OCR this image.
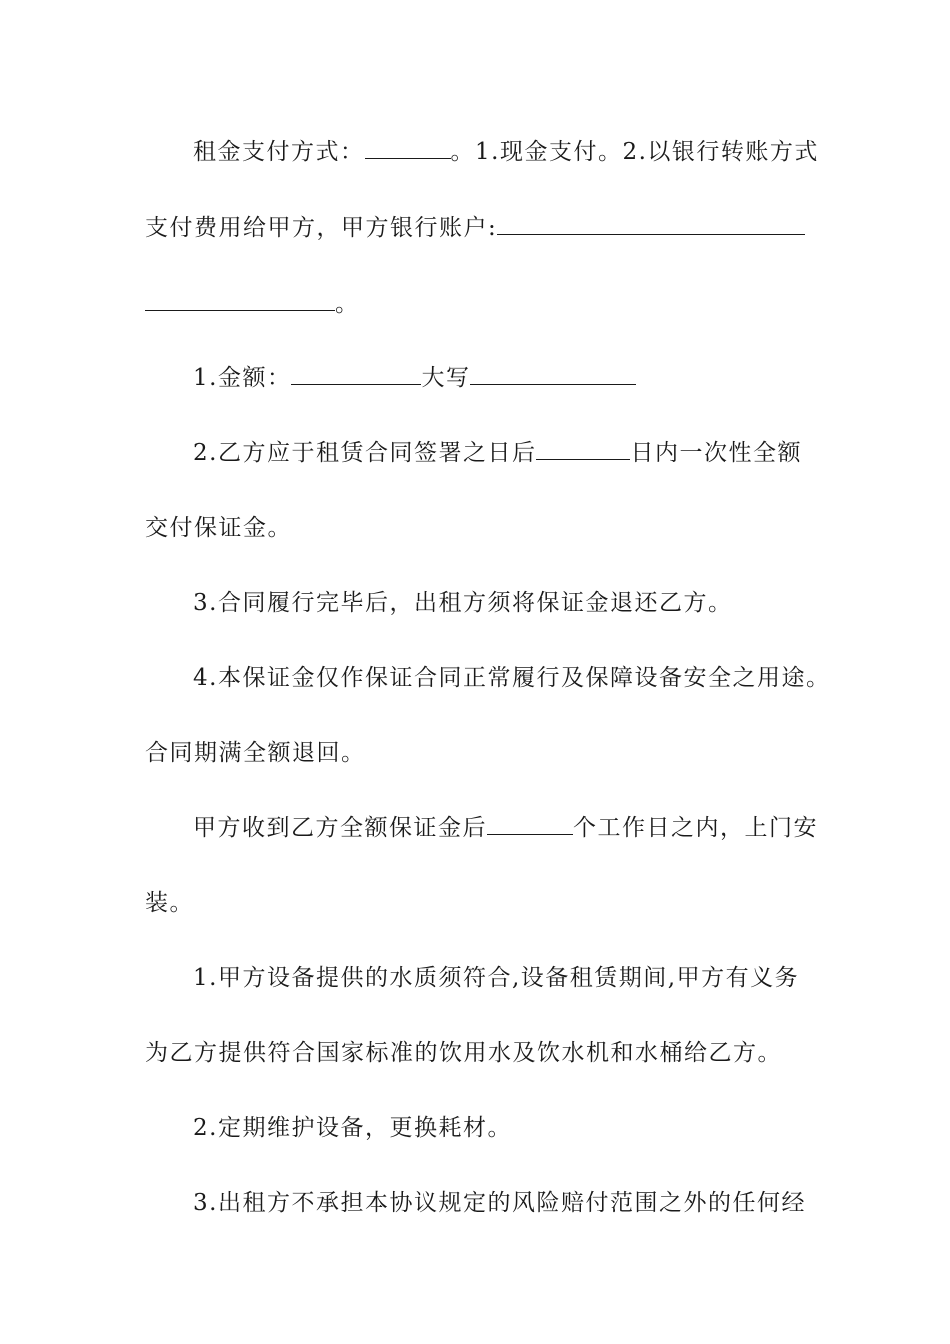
租金支付方式：	。1.现金支付。2.以银行转账方式
支付费用给甲方，甲方银行账户:
。
1.金额：	大写
2.乙方应于租赁合同签署之日后	日内一次性全额
交付保证金。
3.合同履行完毕后，出租方须将保证金退还乙方。
4.本保证金仅作保证合同正常履行及保障设备安全之用途。
合同期满全额退回。
甲方收到乙方全额保证金后	个工作日之内，上门安
装。
1.甲方设备提供的水质须符合,设备租赁期间,甲方有义务
为乙方提供符合国家标准的饮用水及饮水机和水桶给乙方。
2.定期维护设备，更换耗材。
3.出租方不承担本协议规定的风险赔付范围之外的任何经
